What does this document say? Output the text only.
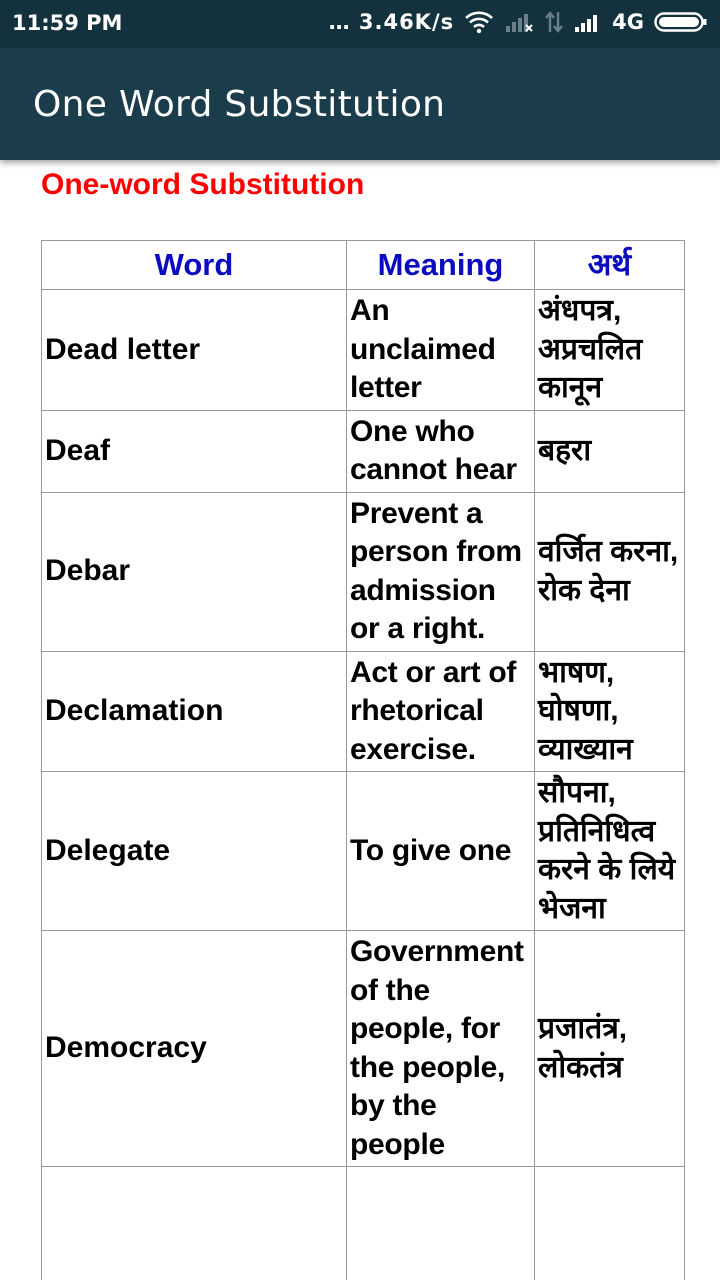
11:59 PM	… 3.46K/s	4G
One Word Substitution
One-word Substitution
Word	Meaning	अर्थ
Dead letter	An unclaimed letter	अंधपत्र, अप्रचलित कानून
Deaf	One who cannot hear	बहरा
Debar	Prevent a person from admission or a right.	वर्जित करना, रोक देना
Declamation	Act or art of rhetorical exercise.	भाषण, घोषणा, व्याख्यान
Delegate	To give one	सौपना, प्रतिनिधित्व करने के लिये भेजना
Democracy	Government of the people, for the people, by the people	प्रजातंत्र, लोकतंत्र
